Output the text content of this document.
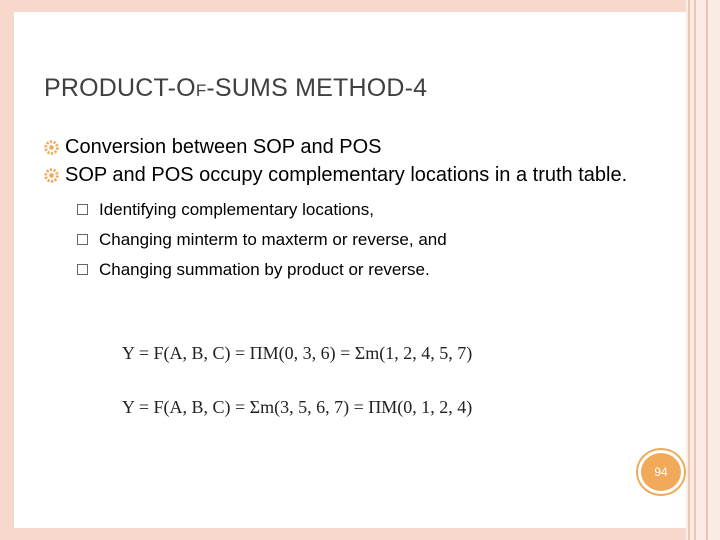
PRODUCT-OF-SUMS METHOD-4
Conversion between SOP and POS
SOP and POS occupy complementary locations in a truth table.
Identifying complementary locations,
Changing minterm to maxterm or reverse, and
Changing summation by product or reverse.
Y = F(A, B, C) = ΠM(0, 3, 6) = Σm(1, 2, 4, 5, 7)
Y = F(A, B, C) = Σm(3, 5, 6, 7) = ΠM(0, 1, 2, 4)
94
